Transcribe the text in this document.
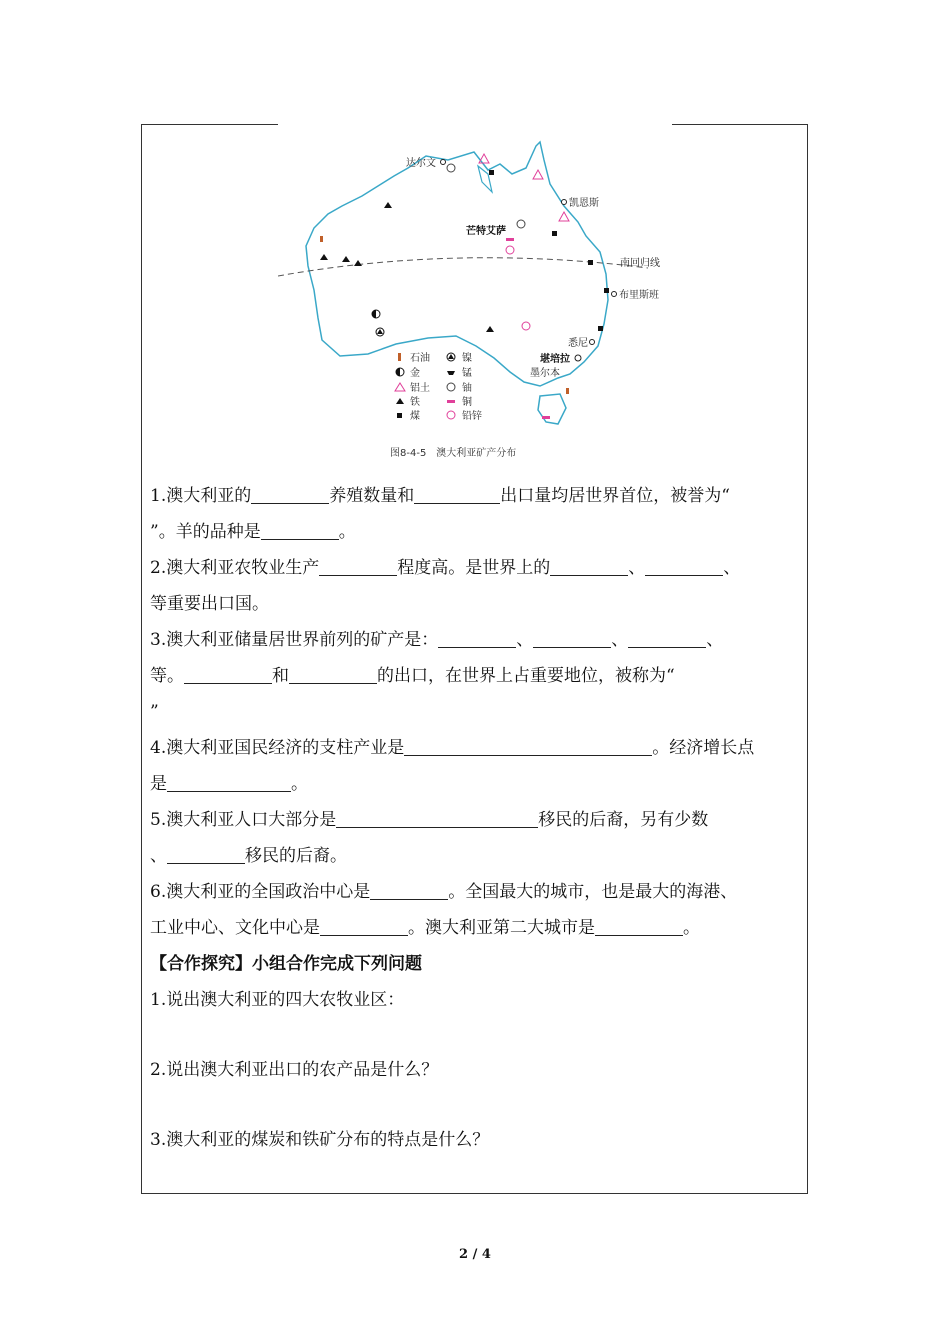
南回归线
达尔文
凯恩斯
芒特艾萨
布里斯班
悉尼
堪培拉
墨尔本
石油
金
铝土
铁
煤
镍
锰
铀
铜
铅锌
图8-4-5　澳大利亚矿产分布
1.澳大利亚的	养殖数量和	出口量均居世界首位，被誉为“
”。羊的品种是	。
2.澳大利亚农牧业生产	程度高。是世界上的	、	、
等重要出口国。
3.澳大利亚储量居世界前列的矿产是：	、	、	、
等。	和	的出口，在世界上占重要地位，被称为“
”
4.澳大利亚国民经济的支柱产业是	。经济增长点
是	。
5.澳大利亚人口大部分是	移民的后裔，另有少数
、	移民的后裔。
6.澳大利亚的全国政治中心是	。全国最大的城市，也是最大的海港、
工业中心、文化中心是	。澳大利亚第二大城市是	。
【合作探究】小组合作完成下列问题
1.说出澳大利亚的四大农牧业区：
2.说出澳大利亚出口的农产品是什么？
3.澳大利亚的煤炭和铁矿分布的特点是什么？
2 / 4
